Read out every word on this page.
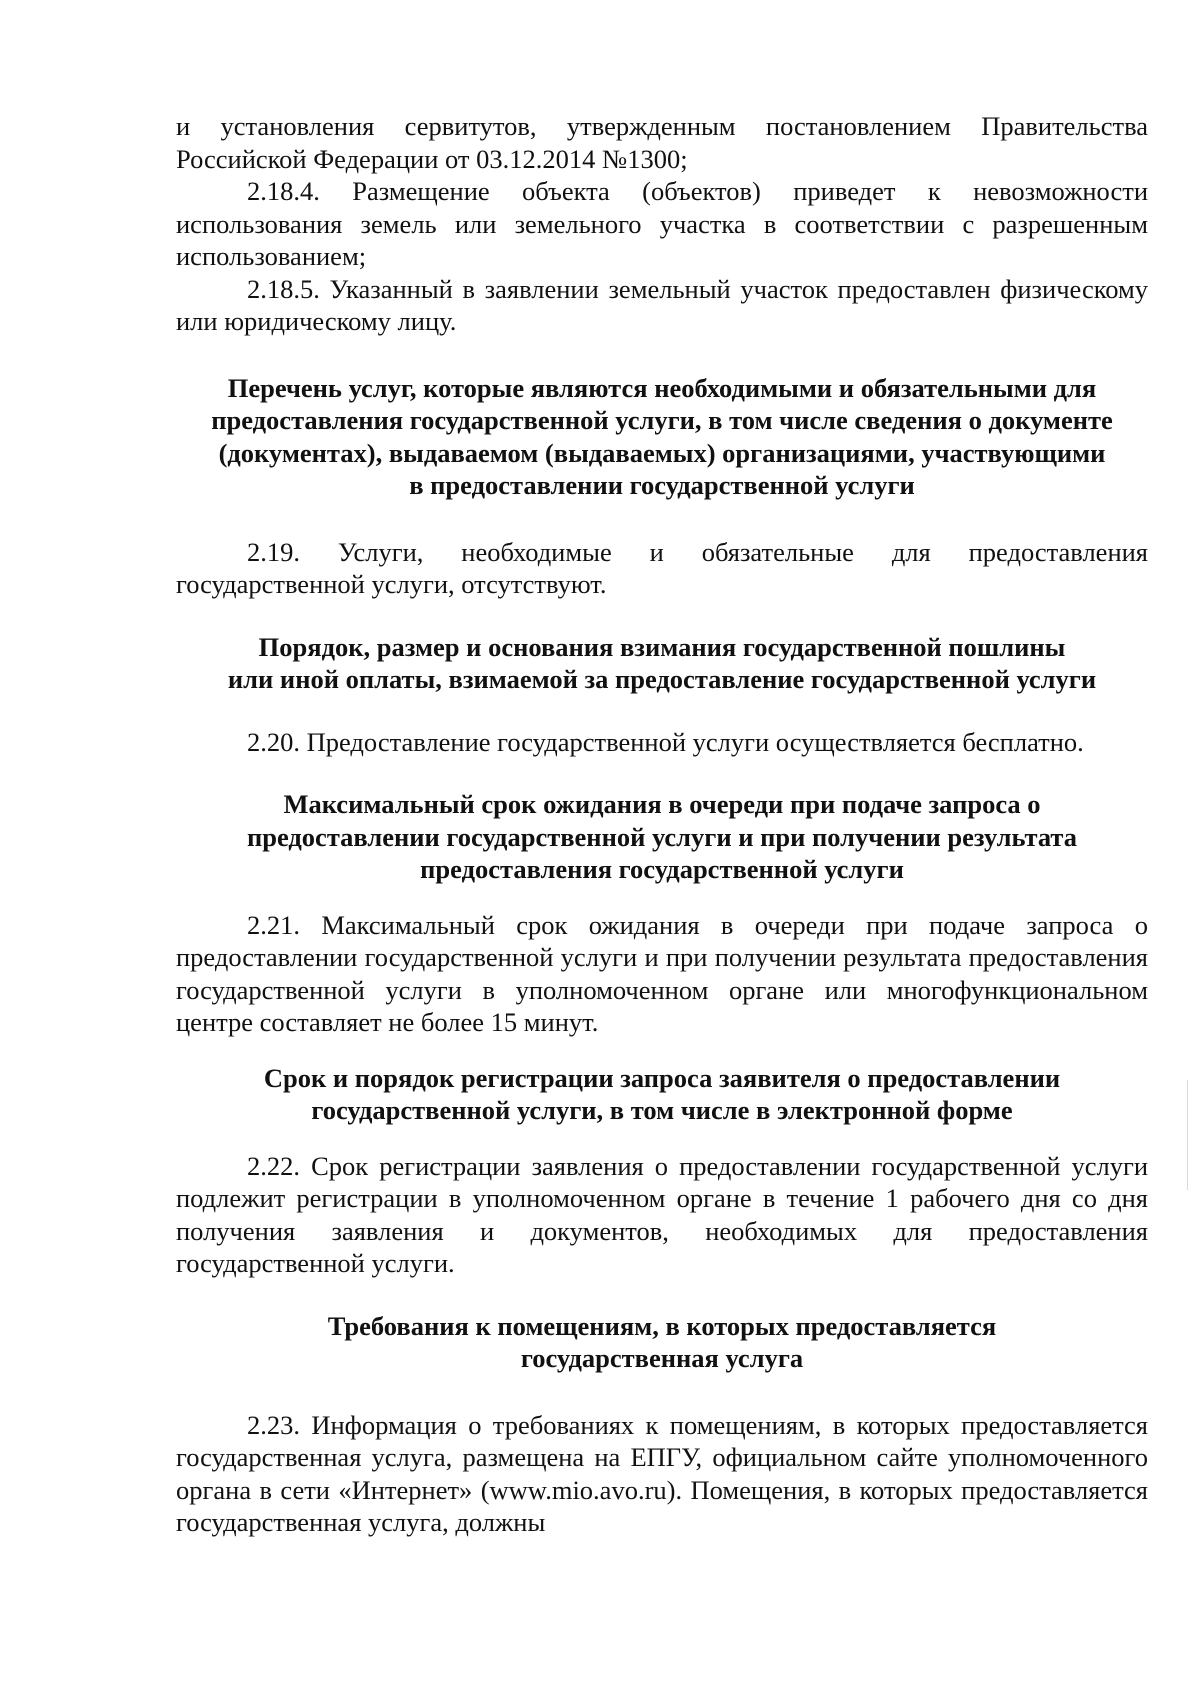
и установления сервитутов, утвержденным постановлением Правительства Российской Федерации от 03.12.2014 №1300;

2.18.4. Размещение объекта (объектов) приведет к невозможности использования земель или земельного участка в соответствии с разрешенным использованием;

2.18.5. Указанный в заявлении земельный участок предоставлен физическому или юридическому лицу.

Перечень услуг, которые являются необходимыми и обязательными для
предоставления государственной услуги, в том числе сведения о документе
(документах), выдаваемом (выдаваемых) организациями, участвующими
в предоставлении государственной услуги

2.19. Услуги, необходимые и обязательные для предоставления государственной услуги, отсутствуют.

Порядок, размер и основания взимания государственной пошлины
или иной оплаты, взимаемой за предоставление государственной услуги

2.20. Предоставление государственной услуги осуществляется бесплатно.

Максимальный срок ожидания в очереди при подаче запроса о
предоставлении государственной услуги и при получении результата
предоставления государственной услуги

2.21. Максимальный срок ожидания в очереди при подаче запроса о предоставлении государственной услуги и при получении результата предоставления государственной услуги в уполномоченном органе или многофункциональном центре составляет не более 15 минут.

Срок и порядок регистрации запроса заявителя о предоставлении
государственной услуги, в том числе в электронной форме

2.22. Срок регистрации заявления о предоставлении государственной услуги подлежит регистрации в уполномоченном органе в течение 1 рабочего дня со дня получения заявления и документов, необходимых для предоставления государственной услуги.

Требования к помещениям, в которых предоставляется
государственная услуга

2.23. Информация о требованиях к помещениям, в которых предоставляется государственная услуга, размещена на ЕПГУ, официальном сайте уполномоченного органа в сети «Интернет» (www.mio.avo.ru). Помещения, в которых предоставляется государственная услуга, должны
